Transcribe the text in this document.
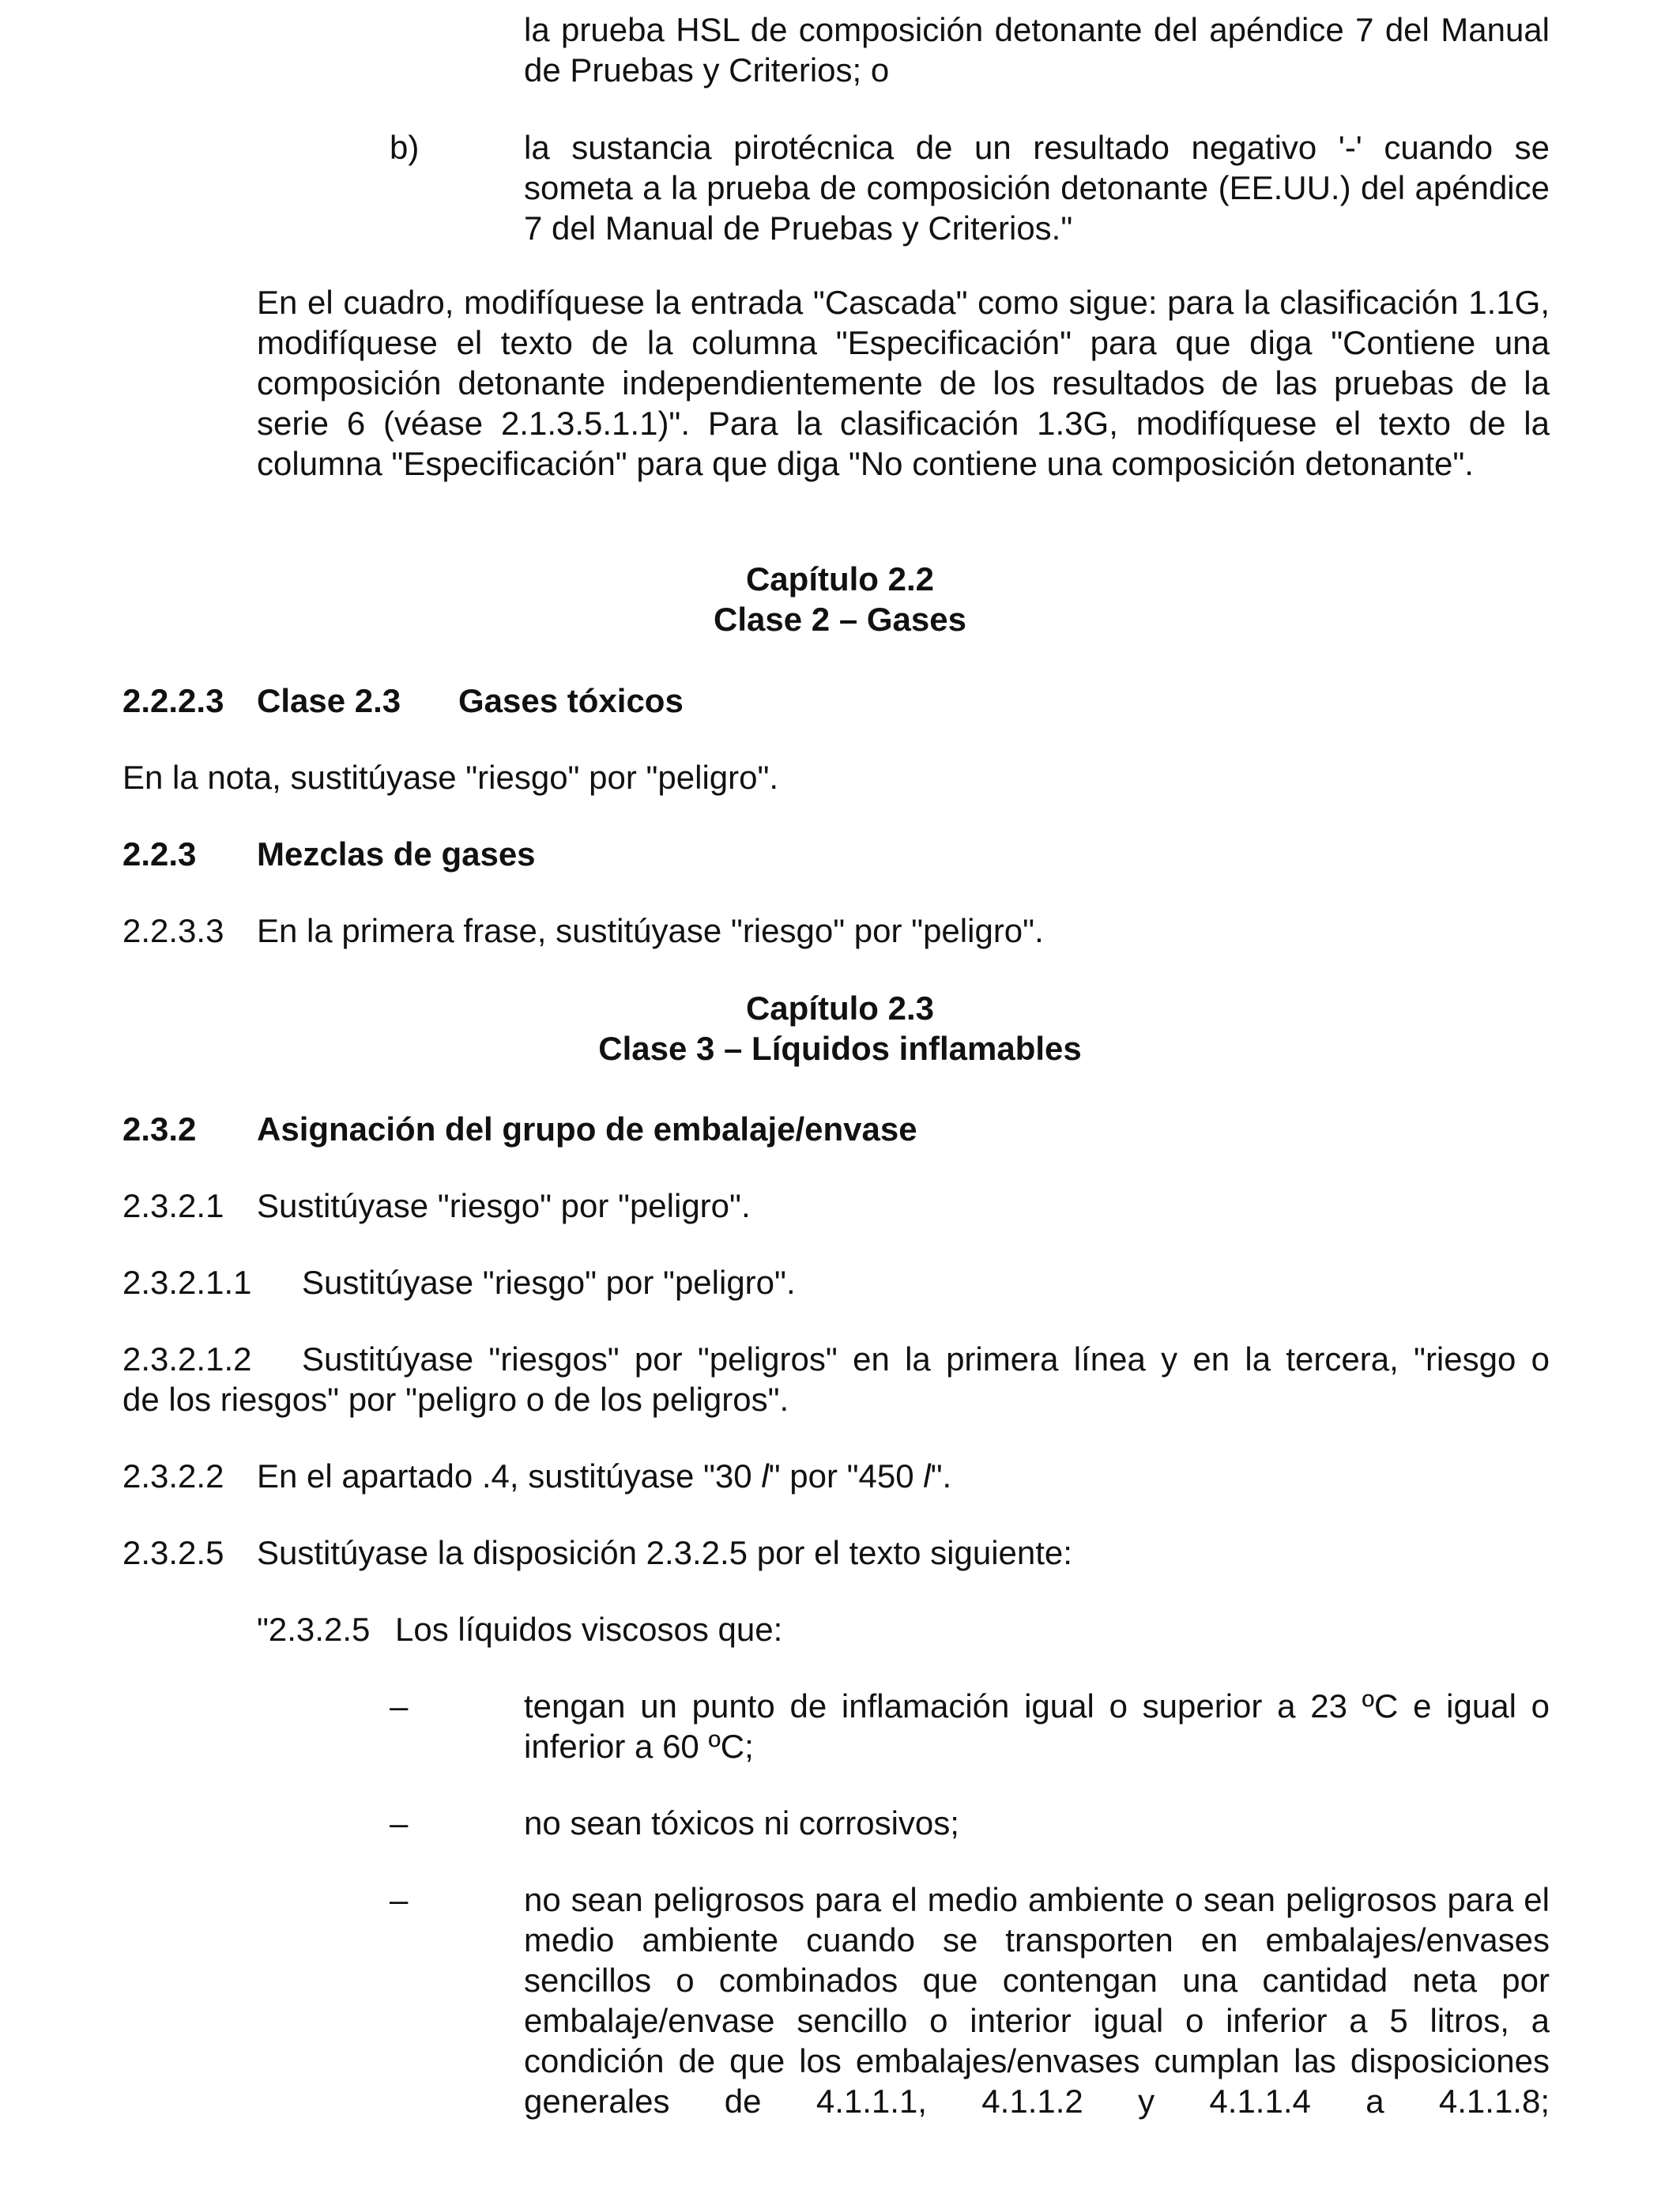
la prueba HSL de composición detonante del apéndice 7 del Manual de Pruebas y Criterios; o

b)	la sustancia pirotécnica de un resultado negativo '-' cuando se someta a la prueba de composición detonante (EE.UU.) del apéndice 7 del Manual de Pruebas y Criterios."

En el cuadro, modifíquese la entrada "Cascada" como sigue: para la clasificación 1.1G, modifíquese el texto de la columna "Especificación" para que diga "Contiene una composición detonante independientemente de los resultados de las pruebas de la serie 6 (véase 2.1.3.5.1.1)". Para la clasificación 1.3G, modifíquese el texto de la columna "Especificación" para que diga "No contiene una composición detonante".

Capítulo 2.2

Clase 2 – Gases

2.2.2.3 Clase 2.3 Gases tóxicos

En la nota, sustitúyase "riesgo" por "peligro".

2.2.3 Mezclas de gases

2.2.3.3 En la primera frase, sustitúyase "riesgo" por "peligro".

Capítulo 2.3

Clase 3 – Líquidos inflamables

2.3.2 Asignación del grupo de embalaje/envase

2.3.2.1 Sustitúyase "riesgo" por "peligro".

2.3.2.1.1 Sustitúyase "riesgo" por "peligro".

2.3.2.1.2 Sustitúyase "riesgos" por "peligros" en la primera línea y en la tercera, "riesgo o

de los riesgos" por "peligro o de los peligros".

2.3.2.2 En el apartado .4, sustitúyase "30 l" por "450 l".

2.3.2.5 Sustitúyase la disposición 2.3.2.5 por el texto siguiente:

"2.3.2.5 Los líquidos viscosos que:

–	tengan un punto de inflamación igual o superior a 23 ºC e igual o inferior a 60 ºC;

–	no sean tóxicos ni corrosivos;

–	no sean peligrosos para el medio ambiente o sean peligrosos para el medio ambiente cuando se transporten en embalajes/envases sencillos o combinados que contengan una cantidad neta por embalaje/envase sencillo o interior igual o inferior a 5 litros, a condición de que los embalajes/envases cumplan las disposiciones generales de 4.1.1.1, 4.1.1.2 y 4.1.1.4 a 4.1.1.8;
